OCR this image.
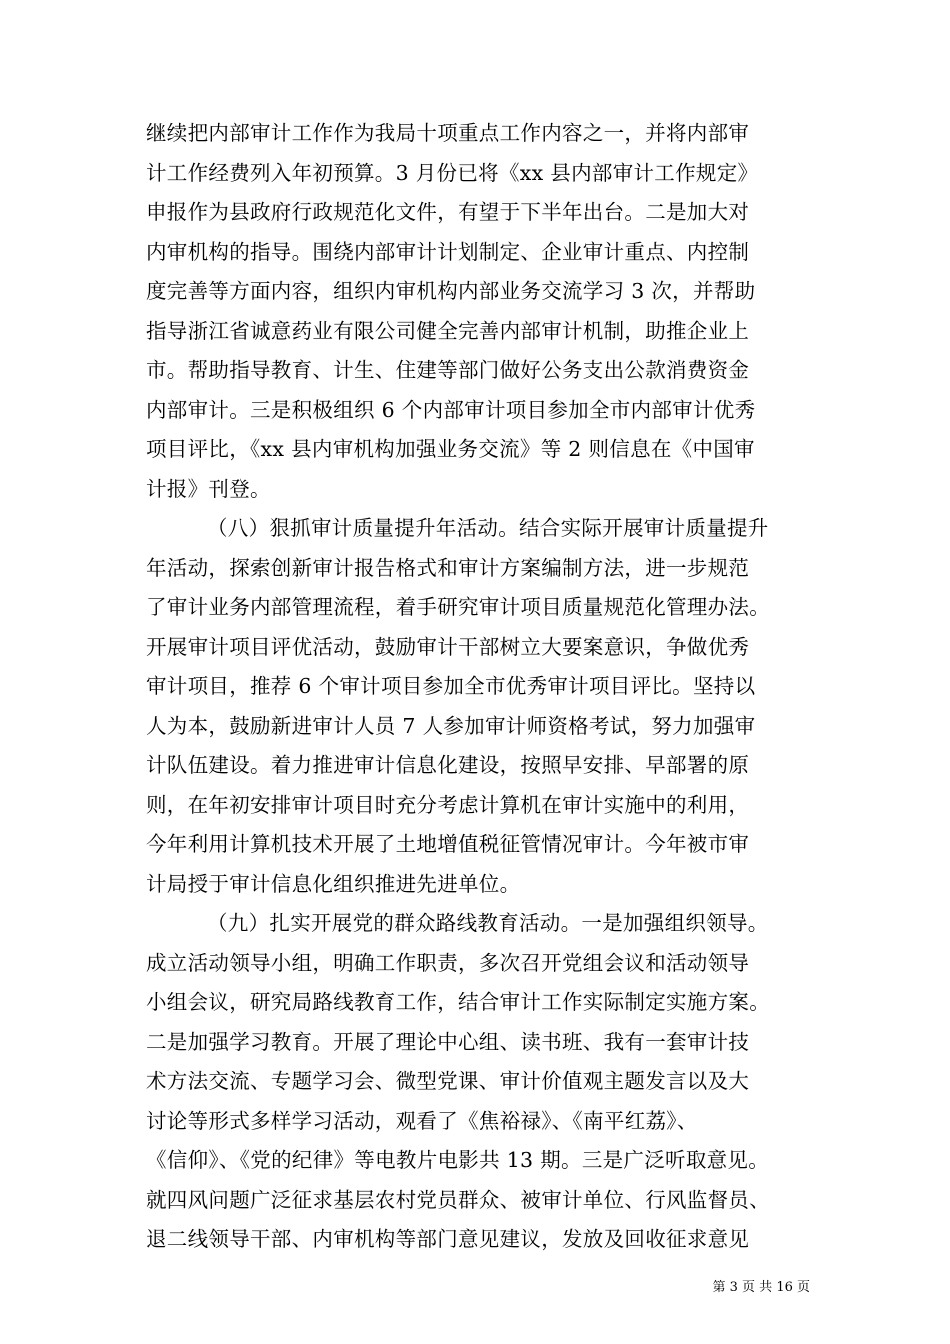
继续把内部审计工作作为我局十项重点工作内容之一，并将内部审
计工作经费列入年初预算。3 月份已将《xx 县内部审计工作规定》
申报作为县政府行政规范化文件，有望于下半年出台。二是加大对
内审机构的指导。围绕内部审计计划制定、企业审计重点、内控制
度完善等方面内容，组织内审机构内部业务交流学习 3 次，并帮助
指导浙江省诚意药业有限公司健全完善内部审计机制，助推企业上
市。帮助指导教育、计生、住建等部门做好公务支出公款消费资金
内部审计。三是积极组织 6 个内部审计项目参加全市内部审计优秀
项目评比，《xx 县内审机构加强业务交流》等 2 则信息在《中国审
计报》刊登。
（八）狠抓审计质量提升年活动。结合实际开展审计质量提升
年活动，探索创新审计报告格式和审计方案编制方法，进一步规范
了审计业务内部管理流程，着手研究审计项目质量规范化管理办法。
开展审计项目评优活动，鼓励审计干部树立大要案意识，争做优秀
审计项目，推荐 6 个审计项目参加全市优秀审计项目评比。坚持以
人为本，鼓励新进审计人员 7 人参加审计师资格考试，努力加强审
计队伍建设。着力推进审计信息化建设，按照早安排、早部署的原
则，在年初安排审计项目时充分考虑计算机在审计实施中的利用，
今年利用计算机技术开展了土地增值税征管情况审计。今年被市审
计局授于审计信息化组织推进先进单位。
（九）扎实开展党的群众路线教育活动。一是加强组织领导。
成立活动领导小组，明确工作职责，多次召开党组会议和活动领导
小组会议，研究局路线教育工作，结合审计工作实际制定实施方案。
二是加强学习教育。开展了理论中心组、读书班、我有一套审计技
术方法交流、专题学习会、微型党课、审计价值观主题发言以及大
讨论等形式多样学习活动，观看了《焦裕禄》、《南平红荔》、
《信仰》、《党的纪律》等电教片电影共 13 期。三是广泛听取意见。
就四风问题广泛征求基层农村党员群众、被审计单位、行风监督员、
退二线领导干部、内审机构等部门意见建议，发放及回收征求意见
第 3 页 共 16 页
